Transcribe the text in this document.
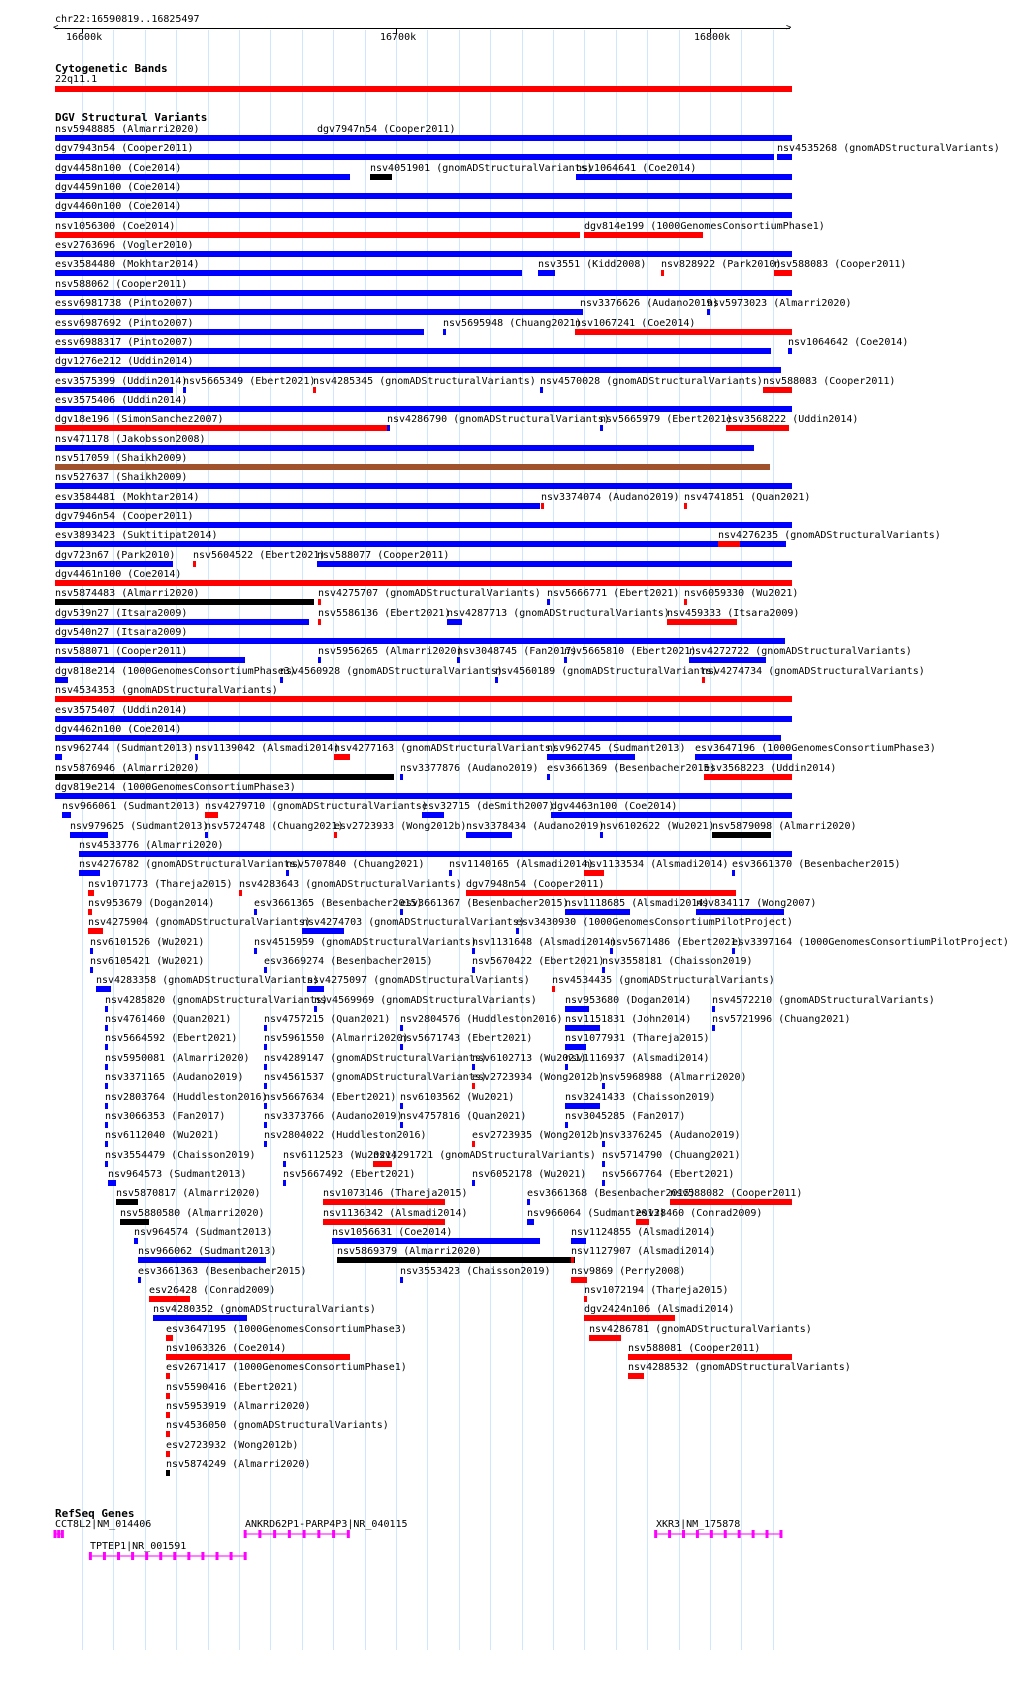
chr22:16590819..16825497
<	>
16600k	16700k	16800k
Cytogenetic Bands
22q11.1
DGV Structural Variants
nsv5948885 (Almarri2020)	dgv7947n54 (Cooper2011)
dgv7943n54 (Cooper2011)	nsv4535268 (gnomADStructuralVariants)
dgv4458n100 (Coe2014)	nsv4051901 (gnomADStructuralVariants)
nsv1064641 (Coe2014)
dgv4459n100 (Coe2014)
dgv4460n100 (Coe2014)
nsv1056300 (Coe2014)	dgv814e199 (1000GenomesConsortiumPhase1)
esv2763696 (Vogler2010)
esv3584480 (Mokhtar2014)	nsv3551 (Kidd2008) nsv828922 (Park2010)
nsv588083 (Cooper2011)
nsv588062 (Cooper2011)
essv6981738 (Pinto2007)	nsv3376626 (Audano2019)
nsv5973023 (Almarri2020)
essv6987692 (Pinto2007)	nsv5695948 (Chuang2021)
nsv1067241 (Coe2014)
essv6988317 (Pinto2007)	nsv1064642 (Coe2014)
dgv1276e212 (Uddin2014)
esv3575399 (Uddin2014)
nsv5665349 (Ebert2021)
nsv4285345 (gnomADStructuralVariants) nsv4570028 (gnomADStructuralVariants) nsv588083 (Cooper2011)
esv3575406 (Uddin2014)
dgv18e196 (SimonSanchez2007)	nsv4286790 (gnomADStructuralVariants)
nsv5665979 (Ebert2021)
esv3568222 (Uddin2014)
nsv471178 (Jakobsson2008)
nsv517059 (Shaikh2009)
nsv527637 (Shaikh2009)
esv3584481 (Mokhtar2014)	nsv3374074 (Audano2019) nsv4741851 (Quan2021)
dgv7946n54 (Cooper2011)
esv3893423 (Suktitipat2014)	nsv4276235 (gnomADStructuralVariants)
dgv723n67 (Park2010) nsv5604522 (Ebert2021)
nsv588077 (Cooper2011)
dgv4461n100 (Coe2014)
nsv5874483 (Almarri2020)	nsv4275707 (gnomADStructuralVariants) nsv5666771 (Ebert2021) nsv6059330 (Wu2021)
dgv539n27 (Itsara2009)	nsv5586136 (Ebert2021)
nsv4287713 (gnomADStructuralVariants)
nsv459333 (Itsara2009)
dgv540n27 (Itsara2009)
nsv588071 (Cooper2011)	nsv5956265 (Almarri2020)
nsv3048745 (Fan2017)
nsv5665810 (Ebert2021)
nsv4272722 (gnomADStructuralVariants)
dgv818e214 (1000GenomesConsortiumPhase3)
nsv4560928 (gnomADStructuralVariants)
nsv4560189 (gnomADStructuralVariants)
nsv4274734 (gnomADStructuralVariants)
nsv4534353 (gnomADStructuralVariants)
esv3575407 (Uddin2014)
dgv4462n100 (Coe2014)
nsv962744 (Sudmant2013) nsv1139042 (Alsmadi2014)
nsv4277163 (gnomADStructuralVariants)
nsv962745 (Sudmant2013) esv3647196 (1000GenomesConsortiumPhase3)
nsv5876946 (Almarri2020)	nsv3377876 (Audano2019) esv3661369 (Besenbacher2015)
esv3568223 (Uddin2014)
dgv819e214 (1000GenomesConsortiumPhase3)
nsv966061 (Sudmant2013) nsv4279710 (gnomADStructuralVariants)
esv32715 (deSmith2007)
dgv4463n100 (Coe2014)
nsv979625 (Sudmant2013)
nsv5724748 (Chuang2021)
esv2723933 (Wong2012b) nsv3378434 (Audano2019)
nsv6102622 (Wu2021)
nsv5879098 (Almarri2020)
nsv4533776 (Almarri2020)
nsv4276782 (gnomADStructuralVariants)
nsv5707840 (Chuang2021) nsv1140165 (Alsmadi2014)
nsv1133534 (Alsmadi2014) esv3661370 (Besenbacher2015)
nsv1071773 (Thareja2015) nsv4283643 (gnomADStructuralVariants) dgv7948n54 (Cooper2011)
nsv953679 (Dogan2014)	esv3661365 (Besenbacher2015)
esv3661367 (Besenbacher2015)
nsv1118685 (Alsmadi2014)
nsv834117 (Wong2007)
nsv4275904 (gnomADStructuralVariants)
nsv4274703 (gnomADStructuralVariants)
esv3430930 (1000GenomesConsortiumPilotProject)
nsv6101526 (Wu2021)	nsv4515959 (gnomADStructuralVariants)
nsv1131648 (Alsmadi2014)
nsv5671486 (Ebert2021)
esv3397164 (1000GenomesConsortiumPilotProject)
nsv6105421 (Wu2021)	esv3669274 (Besenbacher2015)	nsv5670422 (Ebert2021)
nsv3558181 (Chaisson2019)
nsv4283358 (gnomADStructuralVariants)
nsv4275097 (gnomADStructuralVariants) nsv4534435 (gnomADStructuralVariants)
nsv4285820 (gnomADStructuralVariants)
nsv4569969 (gnomADStructuralVariants)	nsv953680 (Dogan2014) nsv4572210 (gnomADStructuralVariants)
nsv4761460 (Quan2021)	nsv4757215 (Quan2021) nsv2804576 (Huddleston2016) nsv1151831 (John2014) nsv5721996 (Chuang2021)
nsv5664592 (Ebert2021)	nsv5961550 (Almarri2020)
nsv5671743 (Ebert2021)	nsv1077931 (Thareja2015)
nsv5950081 (Almarri2020) nsv4289147 (gnomADStructuralVariants)
nsv6102713 (Wu2021)
nsv1116937 (Alsmadi2014)
nsv3371165 (Audano2019) nsv4561537 (gnomADStructuralVariants)
esv2723934 (Wong2012b)
nsv5968988 (Almarri2020)
nsv2803764 (Huddleston2016)
nsv5667634 (Ebert2021) nsv6103562 (Wu2021)	nsv3241433 (Chaisson2019)
nsv3066353 (Fan2017)	nsv3373766 (Audano2019)
nsv4757816 (Quan2021)	nsv3045285 (Fan2017)
nsv6112040 (Wu2021)	nsv2804022 (Huddleston2016)	esv2723935 (Wong2012b)
nsv3376245 (Audano2019)
nsv3554479 (Chaisson2019)	nsv6112523 (Wu2021)
nsv4291721 (gnomADStructuralVariants) nsv5714790 (Chuang2021)
nsv964573 (Sudmant2013)	nsv5667492 (Ebert2021)	nsv6052178 (Wu2021) nsv5667764 (Ebert2021)
nsv5870817 (Almarri2020)	nsv1073146 (Thareja2015)	esv3661368 (Besenbacher2015)
nsv588082 (Cooper2011)
nsv5880580 (Almarri2020)	nsv1136342 (Alsmadi2014)	nsv966064 (Sudmant2013)
esv28460 (Conrad2009)
nsv964574 (Sudmant2013)	nsv1056631 (Coe2014)	nsv1124855 (Alsmadi2014)
nsv966062 (Sudmant2013)	nsv5869379 (Almarri2020)	nsv1127907 (Alsmadi2014)
esv3661363 (Besenbacher2015)	nsv3553423 (Chaisson2019) nsv9869 (Perry2008)
esv26428 (Conrad2009)	nsv1072194 (Thareja2015)
nsv4280352 (gnomADStructuralVariants)	dgv2424n106 (Alsmadi2014)
esv3647195 (1000GenomesConsortiumPhase3)	nsv4286781 (gnomADStructuralVariants)
nsv1063326 (Coe2014)	nsv588081 (Cooper2011)
esv2671417 (1000GenomesConsortiumPhase1)	nsv4288532 (gnomADStructuralVariants)
nsv5590416 (Ebert2021)
nsv5953919 (Almarri2020)
nsv4536050 (gnomADStructuralVariants)
esv2723932 (Wong2012b)
nsv5874249 (Almarri2020)
RefSeq Genes
CCT8L2|NM_014406	ANKRD62P1-PARP4P3|NR_040115	XKR3|NM_175878
TPTEP1|NR_001591
